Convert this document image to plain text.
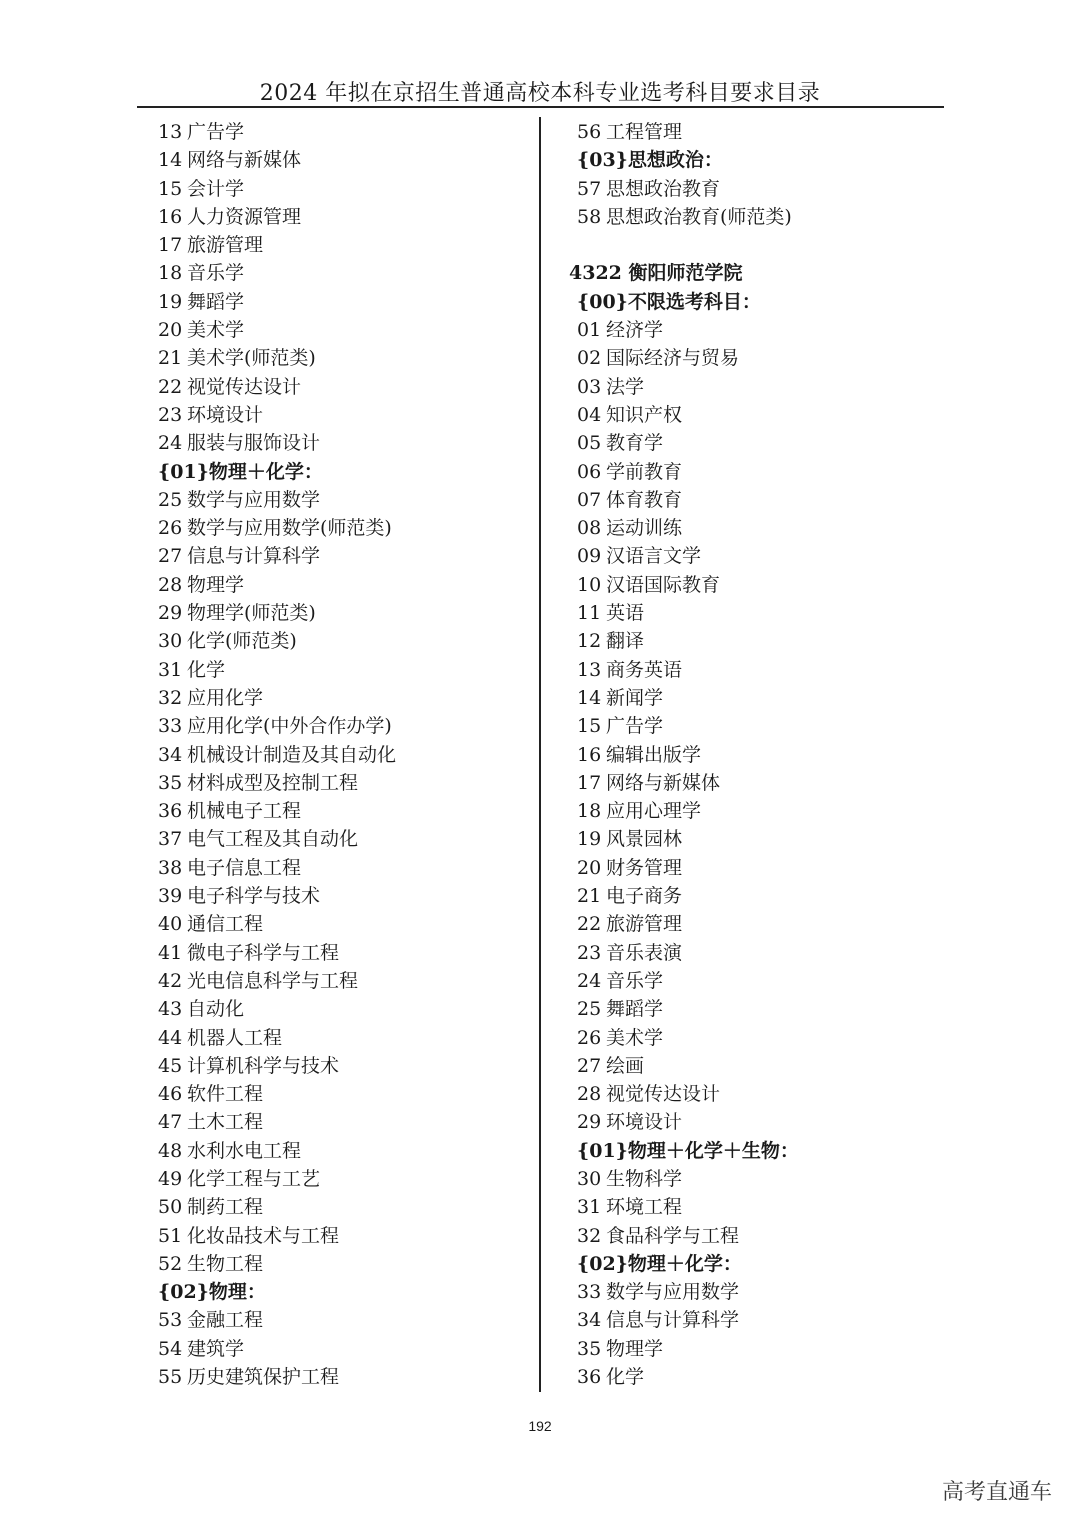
2024 年拟在京招生普通高校本科专业选考科目要求目录
13 广告学
14 网络与新媒体
15 会计学
16 人力资源管理
17 旅游管理
18 音乐学
19 舞蹈学
20 美术学
21 美术学(师范类)
22 视觉传达设计
23 环境设计
24 服装与服饰设计
{01}物理＋化学：
25 数学与应用数学
26 数学与应用数学(师范类)
27 信息与计算科学
28 物理学
29 物理学(师范类)
30 化学(师范类)
31 化学
32 应用化学
33 应用化学(中外合作办学)
34 机械设计制造及其自动化
35 材料成型及控制工程
36 机械电子工程
37 电气工程及其自动化
38 电子信息工程
39 电子科学与技术
40 通信工程
41 微电子科学与工程
42 光电信息科学与工程
43 自动化
44 机器人工程
45 计算机科学与技术
46 软件工程
47 土木工程
48 水利水电工程
49 化学工程与工艺
50 制药工程
51 化妆品技术与工程
52 生物工程
{02}物理：
53 金融工程
54 建筑学
55 历史建筑保护工程
56 工程管理
{03}思想政治：
57 思想政治教育
58 思想政治教育(师范类)
4322 衡阳师范学院
{00}不限选考科目：
01 经济学
02 国际经济与贸易
03 法学
04 知识产权
05 教育学
06 学前教育
07 体育教育
08 运动训练
09 汉语言文学
10 汉语国际教育
11 英语
12 翻译
13 商务英语
14 新闻学
15 广告学
16 编辑出版学
17 网络与新媒体
18 应用心理学
19 风景园林
20 财务管理
21 电子商务
22 旅游管理
23 音乐表演
24 音乐学
25 舞蹈学
26 美术学
27 绘画
28 视觉传达设计
29 环境设计
{01}物理＋化学＋生物：
30 生物科学
31 环境工程
32 食品科学与工程
{02}物理＋化学：
33 数学与应用数学
34 信息与计算科学
35 物理学
36 化学
192
高考直通车
